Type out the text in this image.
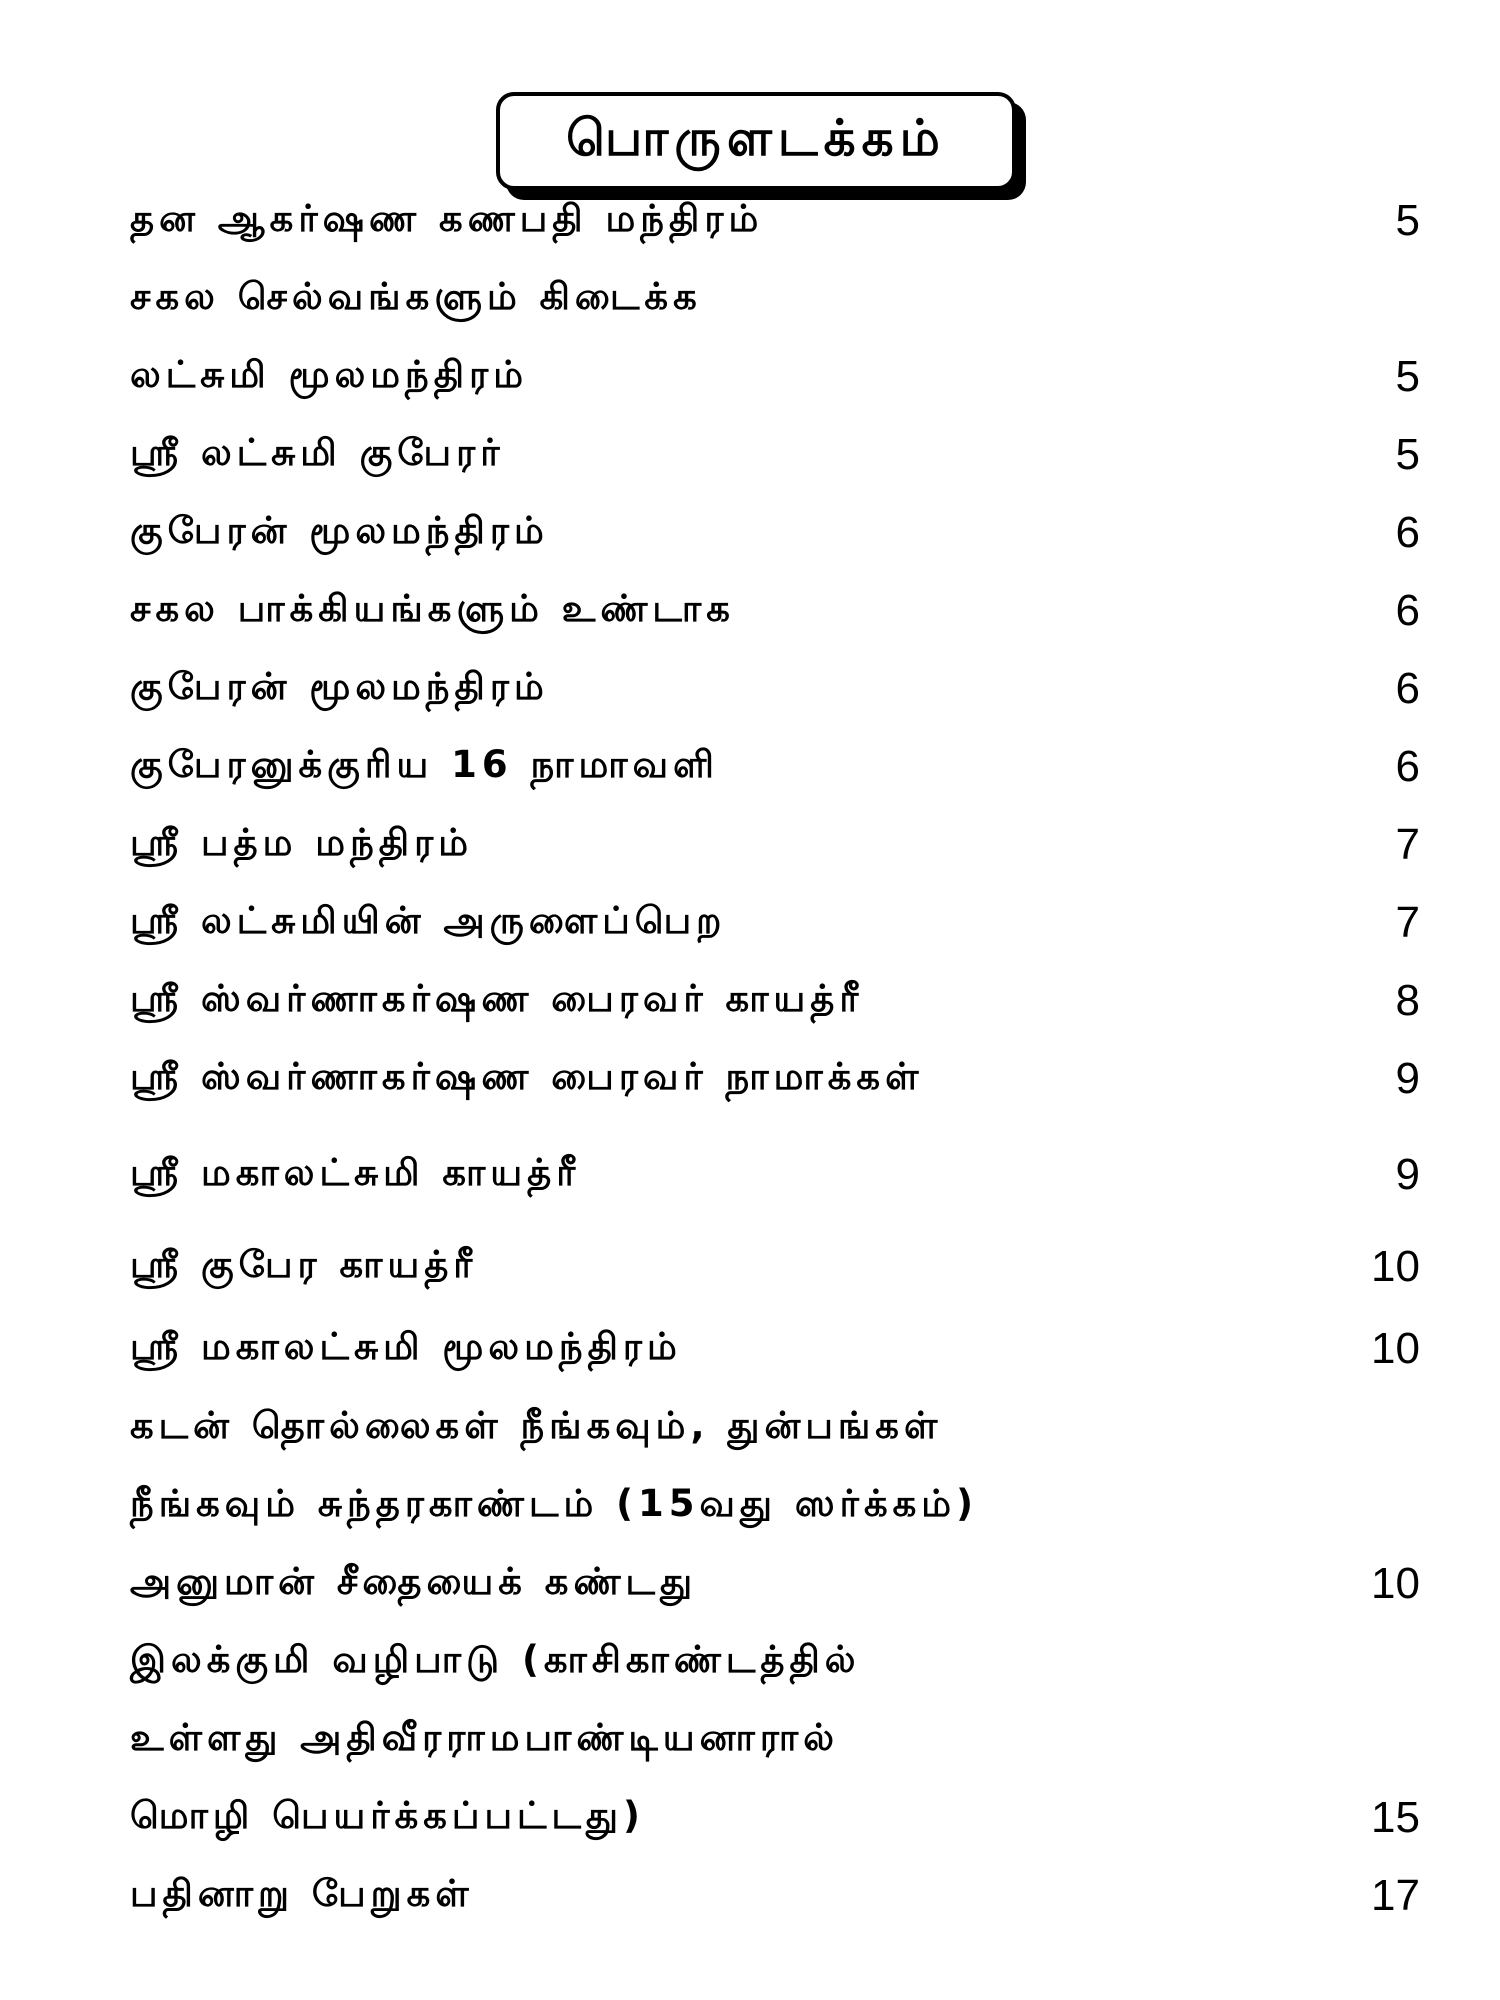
பொருளடக்கம்
தன ஆகர்ஷண கணபதி மந்திரம்	5
சகல செல்வங்களும் கிடைக்க
லட்சுமி மூலமந்திரம்	5
ஸ்ரீ லட்சுமி குபேரர்	5
குபேரன் மூலமந்திரம்	6
சகல பாக்கியங்களும் உண்டாக	6
குபேரன் மூலமந்திரம்	6
குபேரனுக்குரிய 16 நாமாவளி	6
ஸ்ரீ பத்ம மந்திரம்	7
ஸ்ரீ லட்சுமியின் அருளைப்பெற	7
ஸ்ரீ ஸ்வர்ணாகர்ஷண பைரவர் காயத்ரீ	8
ஸ்ரீ ஸ்வர்ணாகர்ஷண பைரவர் நாமாக்கள்	9
ஸ்ரீ மகாலட்சுமி காயத்ரீ	9
ஸ்ரீ குபேர காயத்ரீ	10
ஸ்ரீ மகாலட்சுமி மூலமந்திரம்	10
கடன் தொல்லைகள் நீங்கவும், துன்பங்கள்
நீங்கவும் சுந்தரகாண்டம் (15வது ஸர்க்கம்)
அனுமான் சீதையைக் கண்டது	10
இலக்குமி வழிபாடு (காசிகாண்டத்தில்
உள்ளது அதிவீரராமபாண்டியனாரால்
மொழி பெயர்க்கப்பட்டது)	15
பதினாறு பேறுகள்	17
